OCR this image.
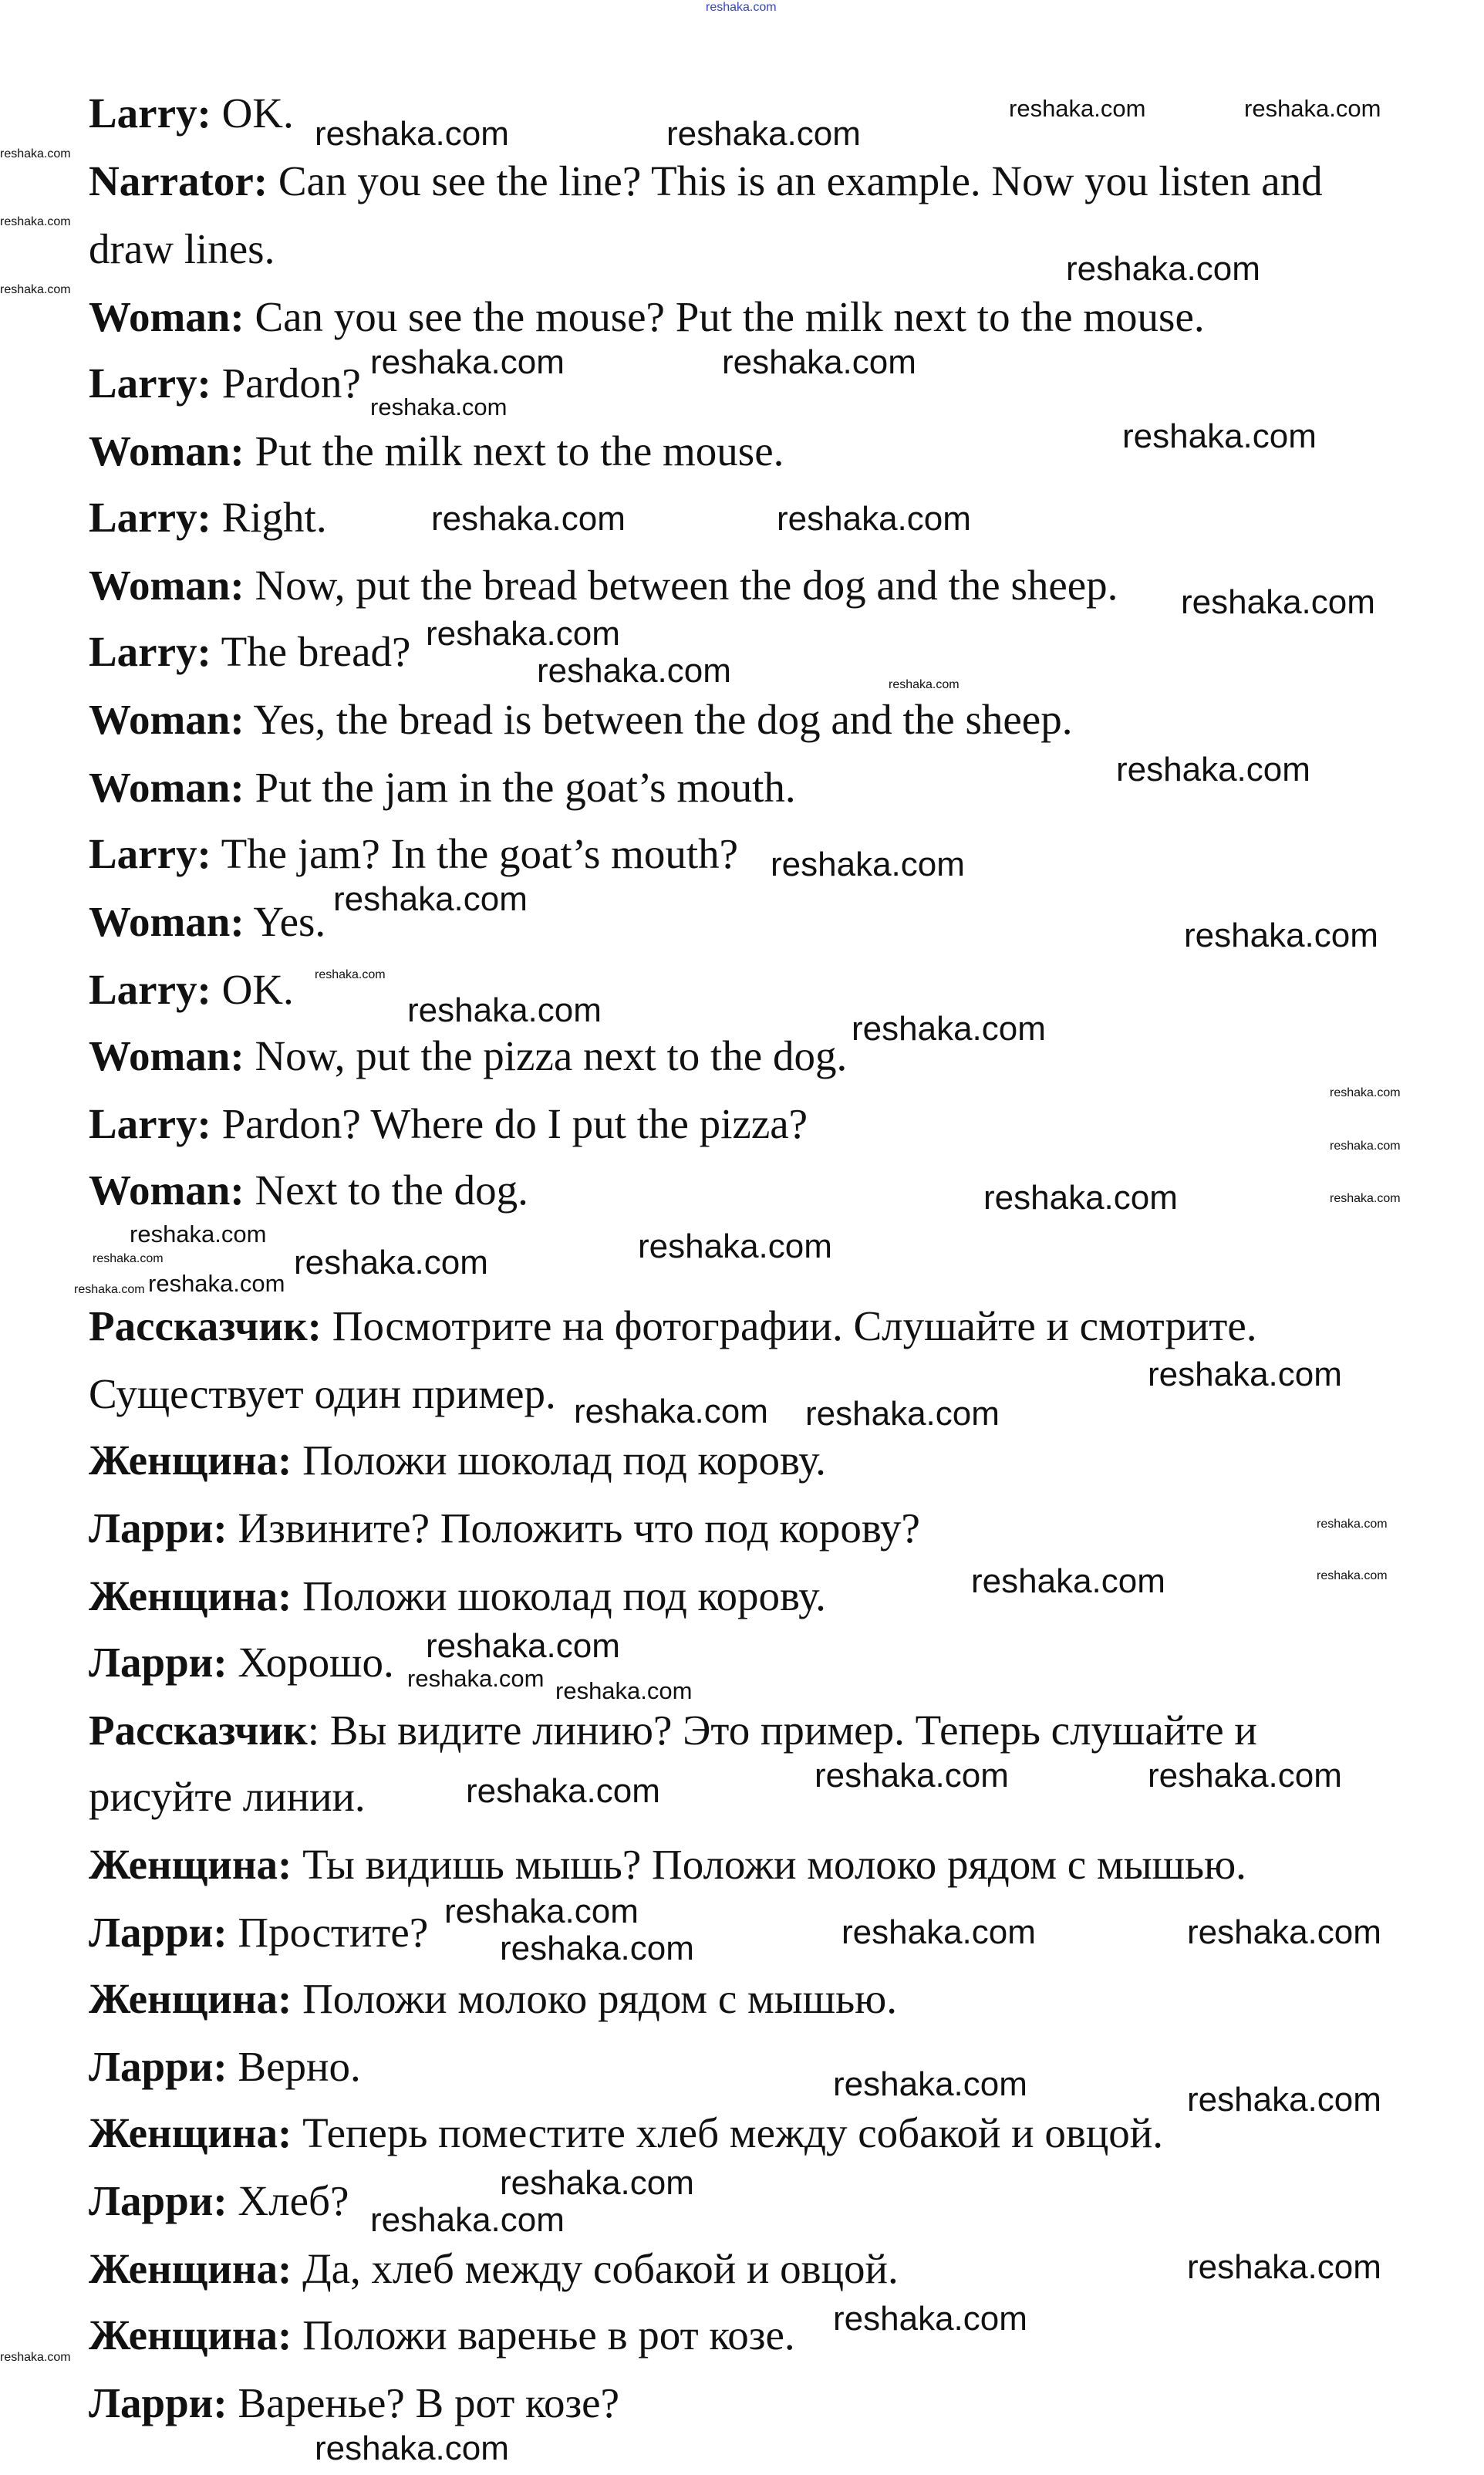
reshaka.com
Larry: OK.
Narrator: Can you see the line? This is an example. Now you listen and
draw lines.
Woman: Can you see the mouse? Put the milk next to the mouse.
Larry: Pardon?
Woman: Put the milk next to the mouse.
Larry: Right.
Woman: Now, put the bread between the dog and the sheep.
Larry: The bread?
Woman: Yes, the bread is between the dog and the sheep.
Woman: Put the jam in the goat’s mouth.
Larry: The jam? In the goat’s mouth?
Woman: Yes.
Larry: OK.
Woman: Now, put the pizza next to the dog.
Larry: Pardon? Where do I put the pizza?
Woman: Next to the dog.
Рассказчик: Посмотрите на фотографии. Слушайте и смотрите.
Существует один пример.
Женщина: Положи шоколад под корову.
Ларри: Извините? Положить что под корову?
Женщина: Положи шоколад под корову.
Ларри: Хорошо.
Рассказчик: Вы видите линию? Это пример. Теперь слушайте и
рисуйте линии.
Женщина: Ты видишь мышь? Положи молоко рядом с мышью.
Ларри: Простите?
Женщина: Положи молоко рядом с мышью.
Ларри: Верно.
Женщина: Теперь поместите хлеб между собакой и овцой.
Ларри: Хлеб?
Женщина: Да, хлеб между собакой и овцой.
Женщина: Положи варенье в рот козе.
Ларри: Варенье? В рот козе?
reshaka.com	reshaka.com
reshaka.com
reshaka.com	reshaka.com
reshaka.com
reshaka.com	reshaka.com
reshaka.com
reshaka.com
reshaka.com
reshaka.com
reshaka.com
reshaka.com
reshaka.com
reshaka.com	reshaka.com
reshaka.com
reshaka.com	reshaka.com
reshaka.com
reshaka.com
reshaka.com
reshaka.com
reshaka.com
reshaka.com	reshaka.com
reshaka.com
reshaka.com
reshaka.com	reshaka.com
reshaka.com
reshaka.com	reshaka.com
reshaka.com
reshaka.com
reshaka.com
reshaka.com
reshaka.com
reshaka.com	reshaka.com
reshaka.com
reshaka.com
reshaka.com
reshaka.com reshaka.com
reshaka.com
reshaka.com
reshaka.com
reshaka.com
reshaka.com
reshaka.com
reshaka.com
reshaka.com
reshaka.com
reshaka.com
reshaka.com
reshaka.com
reshaka.com
